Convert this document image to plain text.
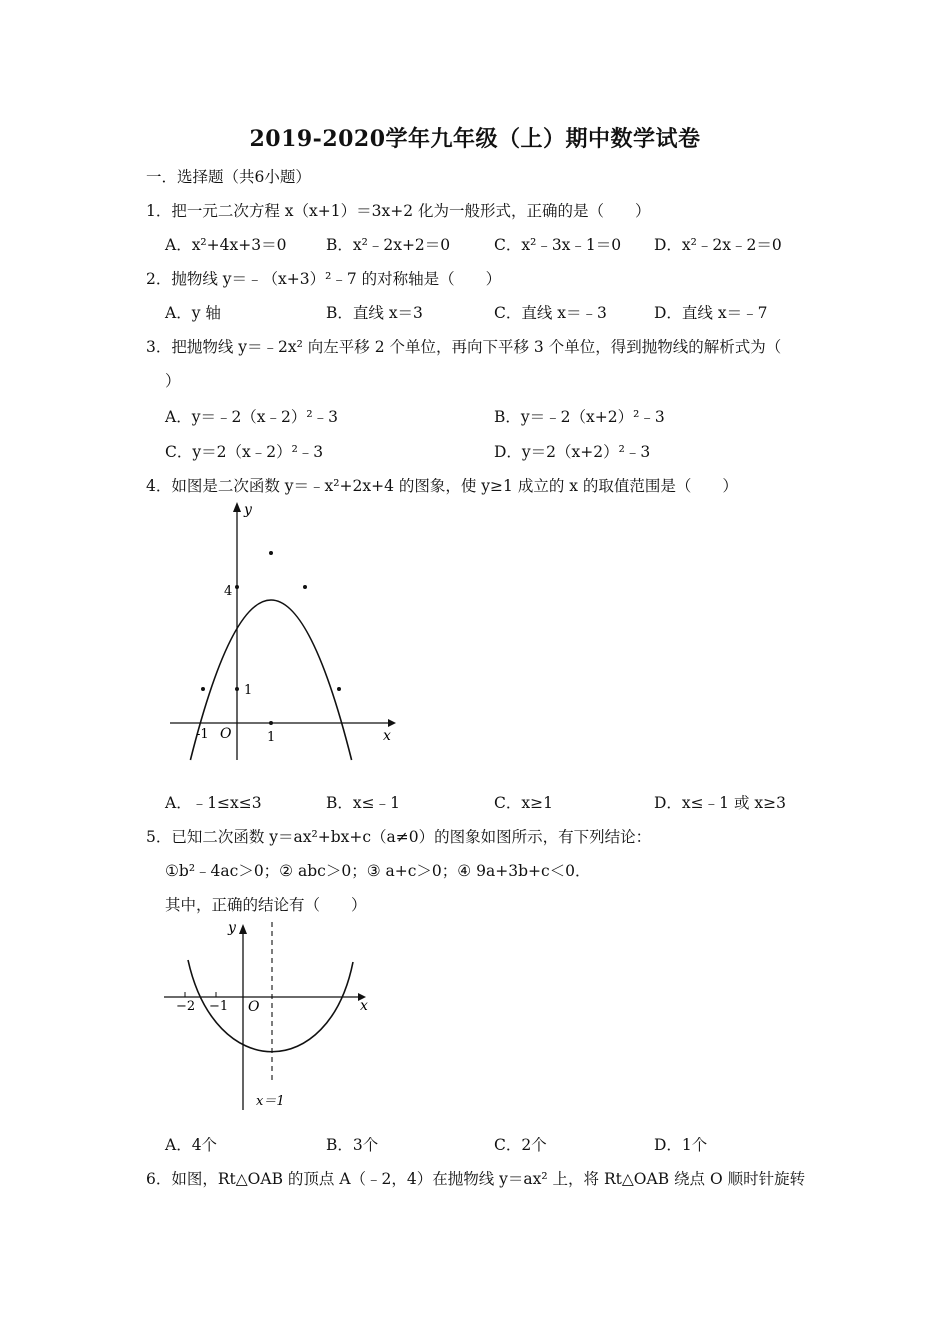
2019-2020学年九年级（上）期中数学试卷
一．选择题（共6小题）
1．把一元二次方程 x（x+1）＝3x+2 化为一般形式，正确的是（　　）
A．x²+4x+3＝0	B．x²﹣2x+2＝0	C．x²﹣3x﹣1＝0 D．x²﹣2x﹣2＝0
2．抛物线 y＝﹣（x+3）²﹣7 的对称轴是（　　）
A．y 轴	B．直线 x＝3	C．直线 x＝﹣3	D．直线 x＝﹣7
3．把抛物线 y＝﹣2x² 向左平移 2 个单位，再向下平移 3 个单位，得到抛物线的解析式为（
）
A．y＝﹣2（x﹣2）²﹣3	B．y＝﹣2（x+2）²﹣3
C．y＝2（x﹣2）²﹣3	D．y＝2（x+2）²﹣3
4．如图是二次函数 y＝﹣x²+2x+4 的图象，使 y≥1 成立的 x 的取值范围是（　　）
y
x
O
4
1
-1	1
A．﹣1≤x≤3	B．x≤﹣1	C．x≥1	D．x≤﹣1 或 x≥3
5．已知二次函数 y＝ax²+bx+c（a≠0）的图象如图所示，有下列结论：
①b²﹣4ac＞0；② abc＞0；③ a+c＞0；④ 9a+3b+c＜0．
其中，正确的结论有（　　）
y
x
O
−2 −1
x＝1
A．4个	B．3个	C．2个	D．1个
6．如图，Rt△OAB 的顶点 A（﹣2，4）在抛物线 y＝ax² 上，将 Rt△OAB 绕点 O 顺时针旋转
